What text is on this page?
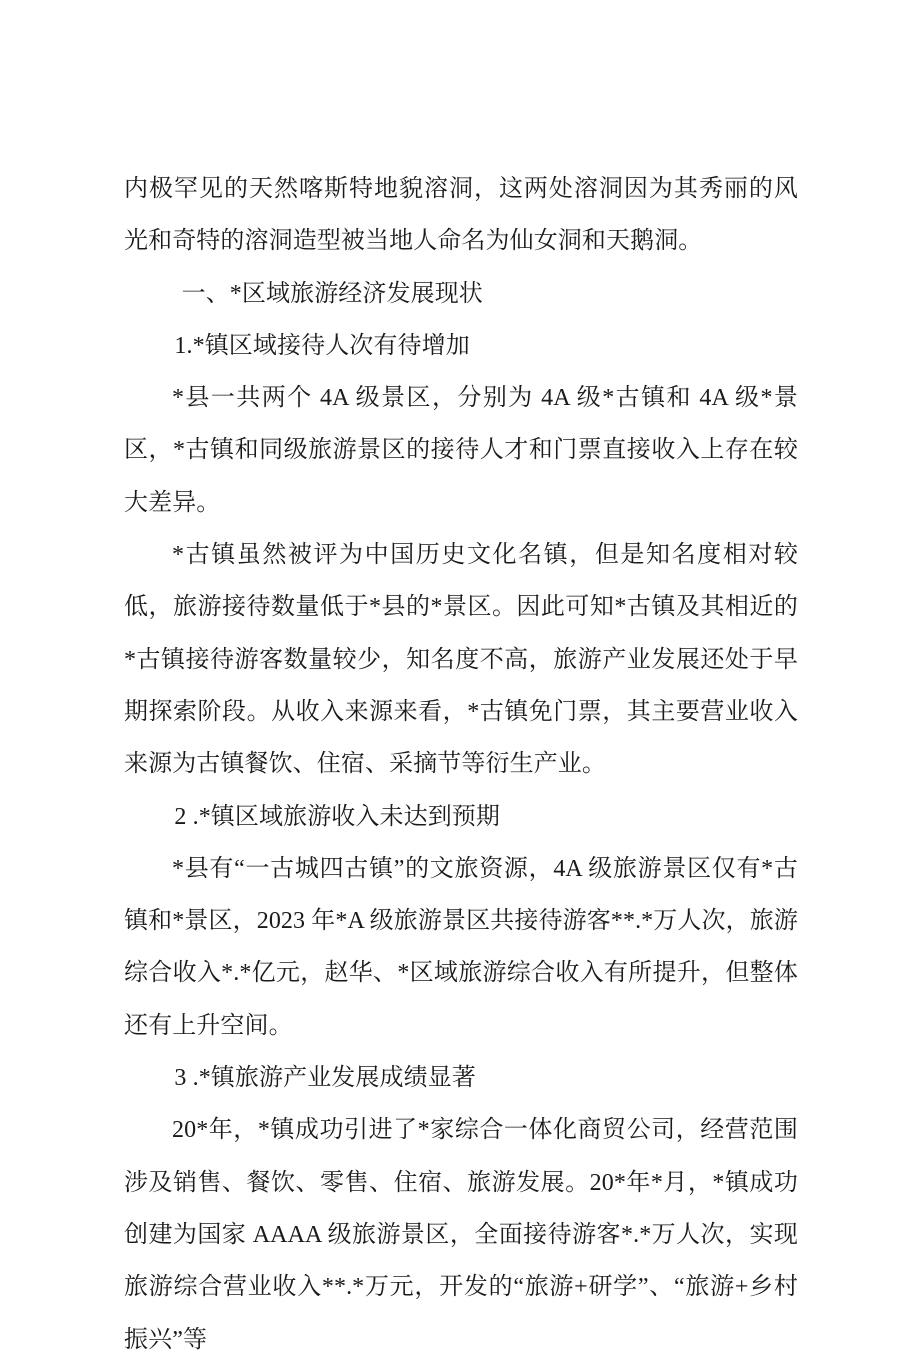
内极罕见的天然喀斯特地貌溶洞，这两处溶洞因为其秀丽的风光和奇特的溶洞造型被当地人命名为仙女洞和天鹅洞。

一、*区域旅游经济发展现状

1.*镇区域接待人次有待增加

*县一共两个 4A 级景区，分别为 4A 级*古镇和 4A 级*景区，*古镇和同级旅游景区的接待人才和门票直接收入上存在较大差异。

*古镇虽然被评为中国历史文化名镇，但是知名度相对较低，旅游接待数量低于*县的*景区。因此可知*古镇及其相近的*古镇接待游客数量较少，知名度不高，旅游产业发展还处于早期探索阶段。从收入来源来看，*古镇免门票，其主要营业收入来源为古镇餐饮、住宿、采摘节等衍生产业。

2 .*镇区域旅游收入未达到预期

*县有“一古城四古镇”的文旅资源，4A 级旅游景区仅有*古镇和*景区，2023 年*A 级旅游景区共接待游客**.*万人次，旅游综合收入*.*亿元，赵华、*区域旅游综合收入有所提升，但整体还有上升空间。

3 .*镇旅游产业发展成绩显著

20*年，*镇成功引进了*家综合一体化商贸公司，经营范围涉及销售、餐饮、零售、住宿、旅游发展。20*年*月，*镇成功创建为国家 AAAA 级旅游景区，全面接待游客*.*万人次，实现旅游综合营业收入**.*万元，开发的“旅游+研学”、“旅游+乡村振兴”等
